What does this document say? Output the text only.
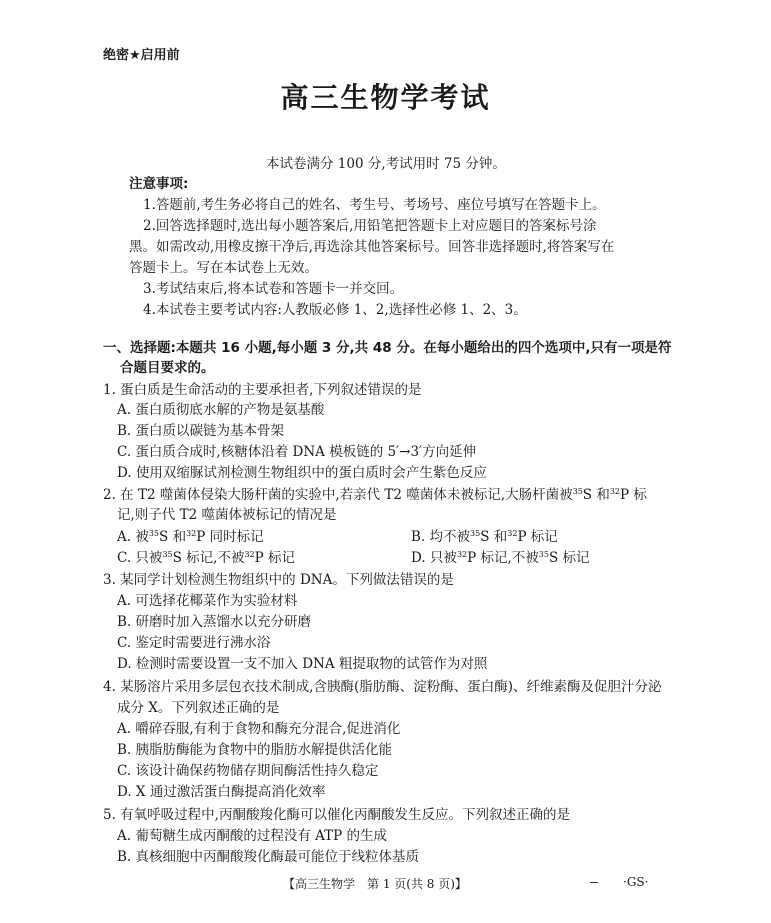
绝密★启用前
高三生物学考试
本试卷满分 100 分,考试用时 75 分钟。
注意事项:
1.答题前,考生务必将自己的姓名、考生号、考场号、座位号填写在答题卡上。
2.回答选择题时,选出每小题答案后,用铅笔把答题卡上对应题目的答案标号涂
黑。如需改动,用橡皮擦干净后,再选涂其他答案标号。回答非选择题时,将答案写在
答题卡上。写在本试卷上无效。
3.考试结束后,将本试卷和答题卡一并交回。
4.本试卷主要考试内容:人教版必修 1、2,选择性必修 1、2、3。
一、选择题:本题共 16 小题,每小题 3 分,共 48 分。在每小题给出的四个选项中,只有一项是符
合题目要求的。
1. 蛋白质是生命活动的主要承担者,下列叙述错误的是
A. 蛋白质彻底水解的产物是氨基酸
B. 蛋白质以碳链为基本骨架
C. 蛋白质合成时,核糖体沿着 DNA 模板链的 5′→3′方向延伸
D. 使用双缩脲试剂检测生物组织中的蛋白质时会产生紫色反应
2. 在 T2 噬菌体侵染大肠杆菌的实验中,若亲代 T2 噬菌体未被标记,大肠杆菌被$^{35}$S 和$^{32}$P 标
记,则子代 T2 噬菌体被标记的情况是
A. 被$^{35}$S 和$^{32}$P 同时标记	B. 均不被$^{35}$S 和$^{32}$P 标记
C. 只被$^{35}$S 标记,不被$^{32}$P 标记	D. 只被$^{32}$P 标记,不被$^{35}$S 标记
3. 某同学计划检测生物组织中的 DNA。下列做法错误的是
A. 可选择花椰菜作为实验材料
B. 研磨时加入蒸馏水以充分研磨
C. 鉴定时需要进行沸水浴
D. 检测时需要设置一支不加入 DNA 粗提取物的试管作为对照
4. 某肠溶片采用多层包衣技术制成,含胰酶(脂肪酶、淀粉酶、蛋白酶)、纤维素酶及促胆汁分泌
成分 X。下列叙述正确的是
A. 嚼碎吞服,有利于食物和酶充分混合,促进消化
B. 胰脂肪酶能为食物中的脂肪水解提供活化能
C. 该设计确保药物储存期间酶活性持久稳定
D. X 通过激活蛋白酶提高消化效率
5. 有氧呼吸过程中,丙酮酸羧化酶可以催化丙酮酸发生反应。下列叙述正确的是
A. 葡萄糖生成丙酮酸的过程没有 ATP 的生成
B. 真核细胞中丙酮酸羧化酶最可能位于线粒体基质
【高三生物学　第 1 页(共 8 页)】	·GS·
